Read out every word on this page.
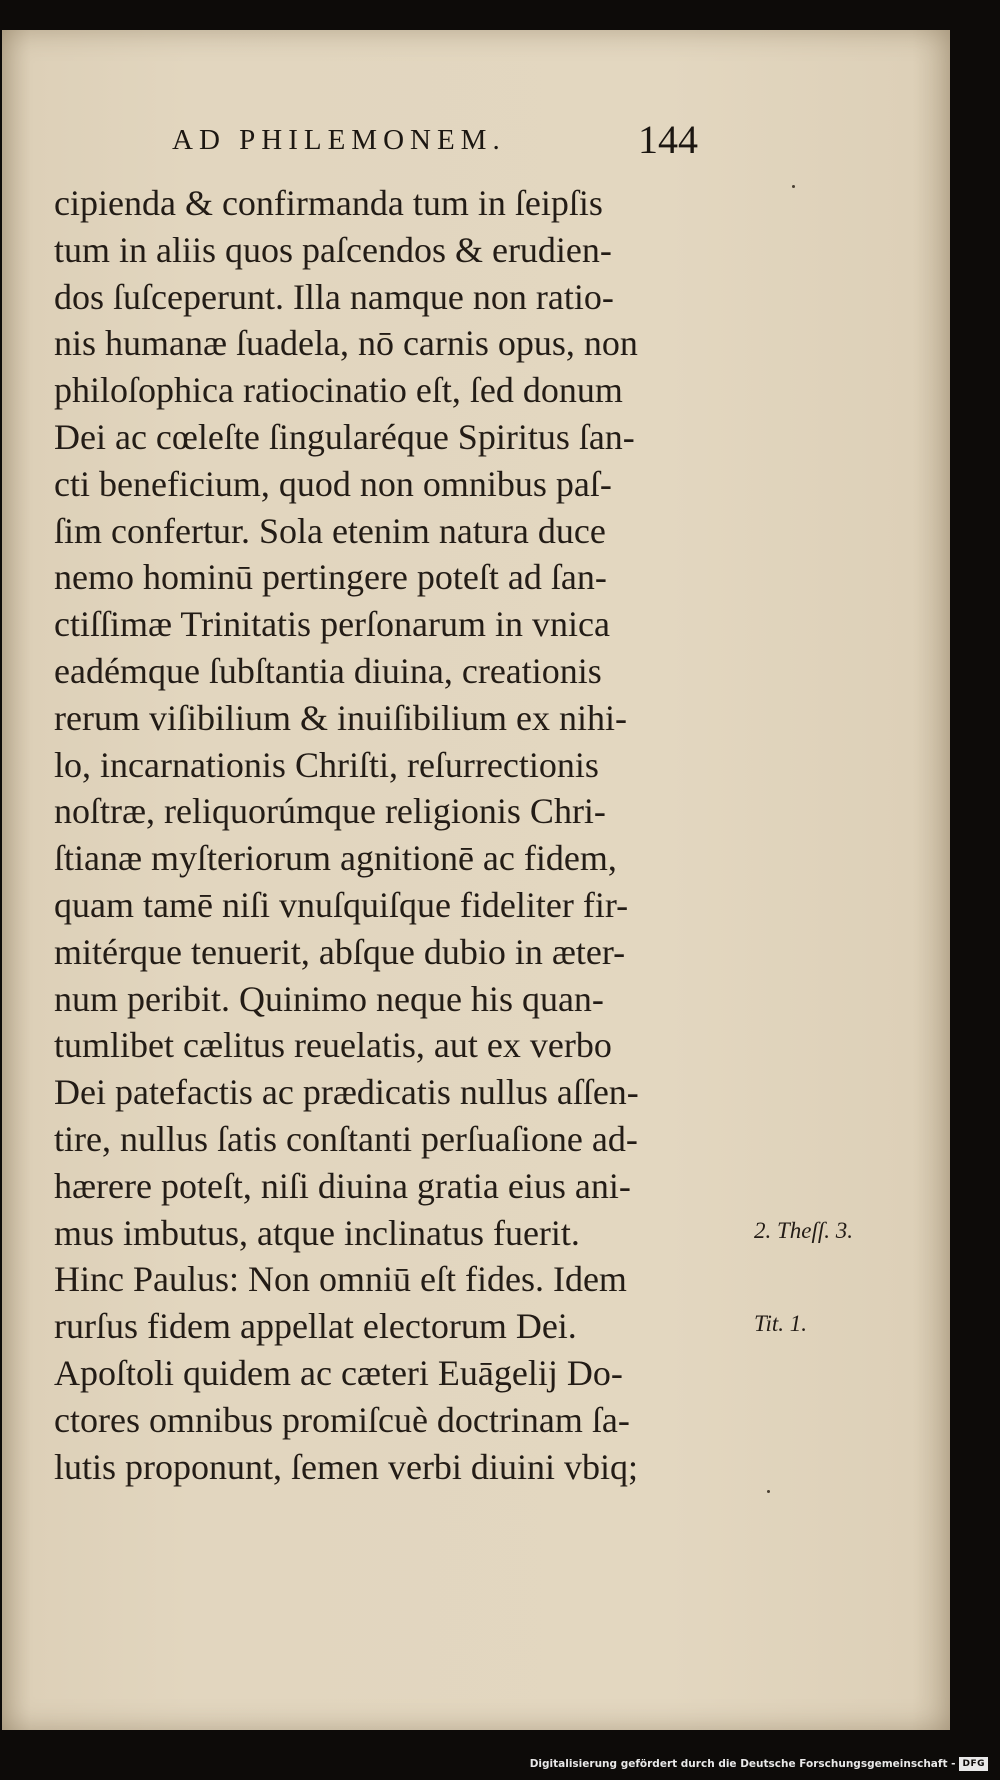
AD PHILEMONEM.	144
cipienda & confirmanda tum in ſeipſis
tum in aliis quos paſcendos & erudien-
dos ſuſceperunt. Illa namque non ratio-
nis humanæ ſuadela, nō carnis opus, non
philoſophica ratiocinatio eſt, ſed donum
Dei ac cœleſte ſingularéque Spiritus ſan-
cti beneficium, quod non omnibus paſ-
ſim confertur. Sola etenim natura duce
nemo hominū pertingere poteſt ad ſan-
ctiſſimæ Trinitatis perſonarum in vnica
eadémque ſubſtantia diuina, creationis
rerum viſibilium & inuiſibilium ex nihi-
lo, incarnationis Chriſti, reſurrectionis
noſtræ, reliquorúmque religionis Chri-
ſtianæ myſteriorum agnitionē ac fidem,
quam tamē niſi vnuſquiſque fideliter fir-
mitérque tenuerit, abſque dubio in æter-
num peribit. Quinimo neque his quan-
tumlibet cælitus reuelatis, aut ex verbo
Dei patefactis ac prædicatis nullus aſſen-
tire, nullus ſatis conſtanti perſuaſione ad-
hærere poteſt, niſi diuina gratia eius ani-
mus imbutus, atque inclinatus fuerit.
Hinc Paulus: Non omniū eſt fides. Idem
rurſus fidem appellat electorum Dei.
Apoſtoli quidem ac cæteri Euāgelij Do-
ctores omnibus promiſcuè doctrinam ſa-
lutis proponunt, ſemen verbi diuini vbiq;
2. Theſſ. 3.
Tit. 1.
Digitalisierung gefördert durch die Deutsche Forschungsgemeinschaft - DFG
